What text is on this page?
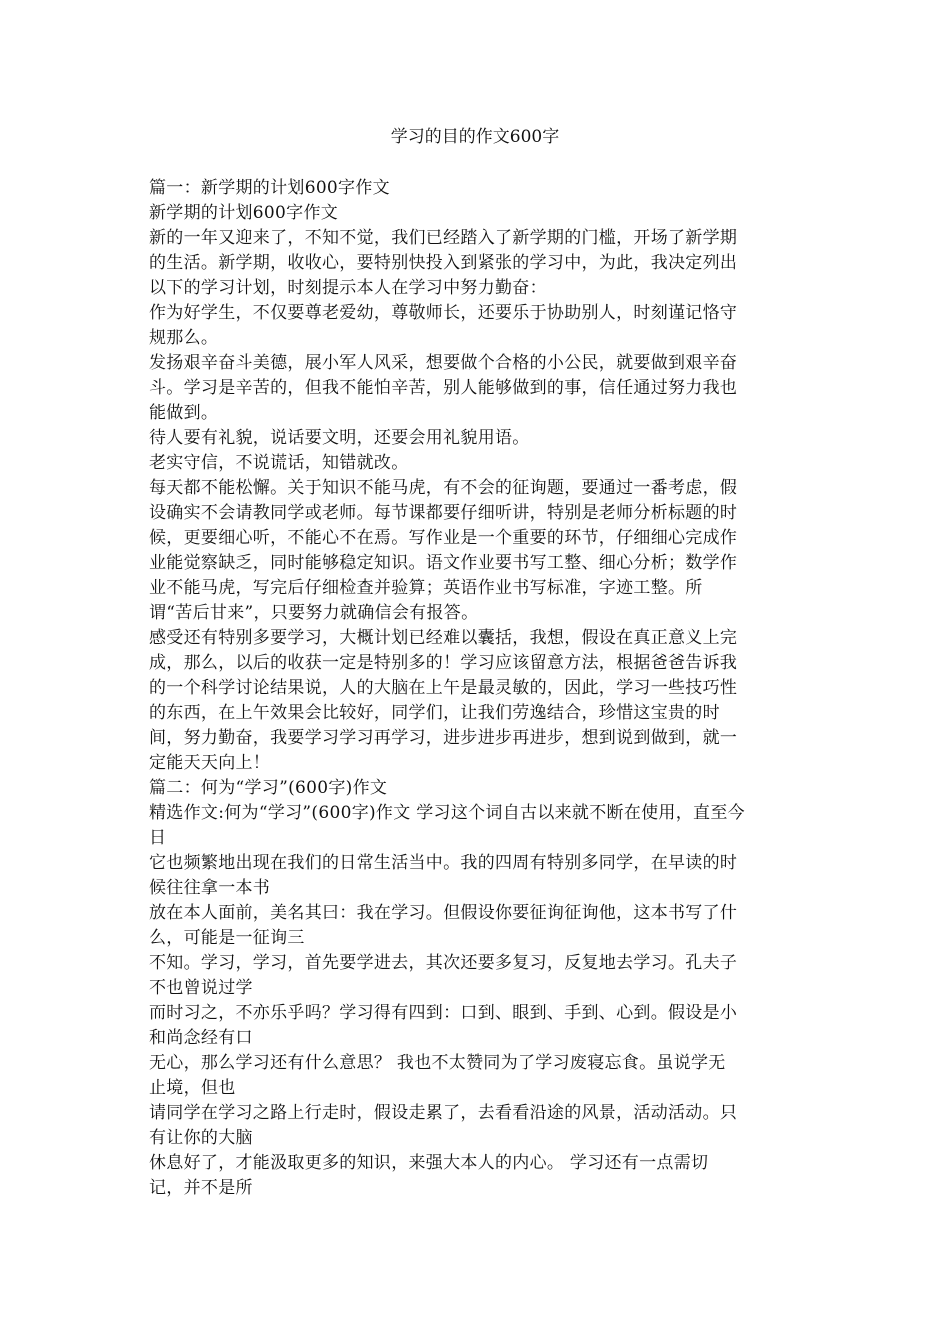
学习的目的作文600字
篇一：新学期的计划600字作文
新学期的计划600字作文
新的一年又迎来了，不知不觉，我们已经踏入了新学期的门槛，开场了新学期
的生活。新学期，收收心，要特别快投入到紧张的学习中，为此，我决定列出
以下的学习计划，时刻提示本人在学习中努力勤奋：
作为好学生，不仅要尊老爱幼，尊敬师长，还要乐于协助别人，时刻谨记恪守
规那么。
发扬艰辛奋斗美德，展小军人风采，想要做个合格的小公民，就要做到艰辛奋
斗。学习是辛苦的，但我不能怕辛苦，别人能够做到的事，信任通过努力我也
能做到。
待人要有礼貌，说话要文明，还要会用礼貌用语。
老实守信，不说谎话，知错就改。
每天都不能松懈。关于知识不能马虎，有不会的征询题，要通过一番考虑，假
设确实不会请教同学或老师。每节课都要仔细听讲，特别是老师分析标题的时
候，更要细心听，不能心不在焉。写作业是一个重要的环节，仔细细心完成作
业能觉察缺乏，同时能够稳定知识。语文作业要书写工整、细心分析；数学作
业不能马虎，写完后仔细检查并验算；英语作业书写标准，字迹工整。所
谓“苦后甘来”，只要努力就确信会有报答。
感受还有特别多要学习，大概计划已经难以囊括，我想，假设在真正意义上完
成，那么，以后的收获一定是特别多的！学习应该留意方法，根据爸爸告诉我
的一个科学讨论结果说，人的大脑在上午是最灵敏的，因此，学习一些技巧性
的东西，在上午效果会比较好，同学们，让我们劳逸结合，珍惜这宝贵的时
间，努力勤奋，我要学习学习再学习，进步进步再进步，想到说到做到，就一
定能天天向上！
篇二：何为“学习”(600字)作文
精选作文:何为“学习”(600字)作文 学习这个词自古以来就不断在使用，直至今
日
它也频繁地出现在我们的日常生活当中。我的四周有特别多同学，在早读的时
候往往拿一本书
放在本人面前，美名其曰：我在学习。但假设你要征询征询他，这本书写了什
么，可能是一征询三
不知。学习，学习，首先要学进去，其次还要多复习，反复地去学习。孔夫子
不也曾说过学
而时习之，不亦乐乎吗？学习得有四到：口到、眼到、手到、心到。假设是小
和尚念经有口
无心，那么学习还有什么意思？ 我也不太赞同为了学习废寝忘食。虽说学无
止境，但也
请同学在学习之路上行走时，假设走累了，去看看沿途的风景，活动活动。只
有让你的大脑
休息好了，才能汲取更多的知识，来强大本人的内心。 学习还有一点需切
记，并不是所
